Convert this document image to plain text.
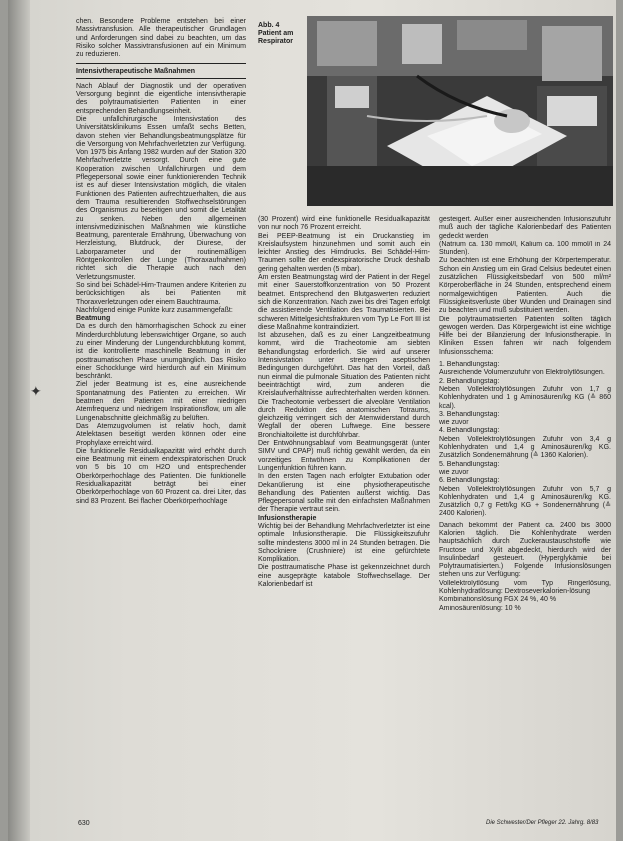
✦

chen. Besondere Probleme entstehen bei einer Massivtransfusion. Alle therapeutischer Grundlagen und Anforderungen sind dabei zu beachten, um das Risiko solcher Massivtransfusionen auf ein Minimum zu reduzieren.

Intensivtherapeutische Maßnahmen

Nach Ablauf der Diagnostik und der operativen Versorgung beginnt die eigentliche intensivtherapie des polytraumatisierten Patienten in einer entsprechenden Behandlungseinheit.

Die unfallchirurgische Intensivstation des Universitätsklinikums Essen umfaßt sechs Betten, davon stehen vier Behandlungsbeatmungsplätze für die Versorgung von Mehrfachverletzten zur Verfügung. Von 1975 bis Anfang 1982 wurden auf der Station 320 Mehrfachverletzte versorgt. Durch eine gute Kooperation zwischen Unfallchirurgen und dem Pflegepersonal sowie einer funktionierenden Technik ist es auf dieser Intensivstation möglich, die vitalen Funktionen des Patienten aufrechtzuerhalten, die aus dem Trauma resultierenden Stoffwechselstörungen des Organismus zu beseitigen und somit die Letalität zu senken. Neben den allgemeinen intensivmedizinischen Maßnahmen wie künstliche Beatmung, parenterale Ernährung, Überwachung von Herzleistung, Blutdruck, der Diurese, der Laborparameter und der routinemäßigen Röntgenkontrollen der Lunge (Thoraxaufnahmen) richtet sich die Therapie auch nach den Verletzungsmuster.

So sind bei Schädel-Hirn-Traumen andere Kriterien zu berücksichtigen als bei Patienten mit Thoraxverletzungen oder einem Bauchtrauma.

Nachfolgend einige Punkte kurz zusammengefaßt:

Beatmung

Da es durch den hämorrhagischen Schock zu einer Minderdurchblutung lebenswichtiger Organe, so auch zu einer Minderung der Lungendurchblutung kommt, ist die kontrollierte maschinelle Beatmung in der posttraumatischen Phase unumgänglich. Das Risiko einer Schocklunge wird hierdurch auf ein Minimum beschränkt.

Ziel jeder Beatmung ist es, eine ausreichende Spontanatmung des Patienten zu erreichen. Wir beatmen den Patienten mit einer niedrigen Atemfrequenz und niedrigem Inspirationsflow, um alle Lungenabschnitte gleichmäßig zu belüften.

Das Atemzugvolumen ist relativ hoch, damit Atelektasen beseitigt werden können oder eine Prophylaxe erreicht wird.

Die funktionelle Residualkapazität wird erhöht durch eine Beatmung mit einem endexspiratorischen Druck von 5 bis 10 cm H2O und entsprechender Oberkörperhochlage des Patienten. Die funktionelle Residualkapazität beträgt bei einer Oberkörperhochlage von 60 Prozent ca. drei Liter, das sind 83 Prozent. Bei flacher Oberkörperhochlage

Abb. 4 Patient am Respirator

(30 Prozent) wird eine funktionelle Residualkapazität von nur noch 76 Prozent erreicht.

Bei PEEP-Beatmung ist ein Druckanstieg im Kreislaufsystem hinzunehmen und somit auch ein leichter Anstieg des Hirndrucks. Bei Schädel-Hirn-Traumen sollte der endexspiratorische Druck deshalb gering gehalten werden (5 mbar).

Am ersten Beatmungstag wird der Patient in der Regel mit einer Sauerstoffkonzentration von 50 Prozent beatmet. Entsprechend den Blutgaswerten reduziert sich die Konzentration. Nach zwei bis drei Tagen erfolgt die assistierende Ventilation des Traumatisierten. Bei schweren Mittelgesichtsfrakturen vom Typ Le Fort III ist diese Maßnahme kontraindiziert.

Ist abzusehen, daß es zu einer Langzeitbeatmung kommt, wird die Tracheotomie am siebten Behandlungstag erforderlich. Sie wird auf unserer Intensivstation unter strengen aseptischen Bedingungen durchgeführt. Das hat den Vorteil, daß nun einmal die pulmonale Situation des Patienten nicht beeinträchtigt wird, zum anderen die Kreislaufverhältnisse aufrechterhalten werden können. Die Tracheotomie verbessert die alveoläre Ventilation durch Reduktion des anatomischen Totraums, gleichzeitig verringert sich der Atemwiderstand durch Wegfall der oberen Luftwege. Eine bessere Bronchialtoilette ist durchführbar.

Der Entwöhnungsablauf vom Beatmungsgerät (unter SIMV und CPAP) muß richtig gewählt werden, da ein vorzeitiges Entwöhnen zu Komplikationen der Lungenfunktion führen kann.

In den ersten Tagen nach erfolgter Extubation oder Dekanülierung ist eine physiotherapeutische Behandlung des Patienten außerst wichtig. Das Pflegepersonal sollte mit den einfachsten Maßnahmen der Therapie vertraut sein.

Infusionstherapie

Wichtig bei der Behandlung Mehrfachverletzter ist eine optimale Infusionstherapie. Die Flüssigkeitszufuhr sollte mindestens 3000 ml in 24 Stunden betragen. Die Schockniere (Crushniere) ist eine gefürchtete Komplikation.

Die posttraumatische Phase ist gekennzeichnet durch eine ausgeprägte katabole Stoffwechsellage. Der Kalorienbedarf ist

gesteigert. Außer einer ausreichenden Infusionszufuhr muß auch der tägliche Kalorienbedarf des Patienten gedeckt werden

(Natrium ca. 130 mmol/l, Kalium ca. 100 mmol/l in 24 Stunden).

Zu beachten ist eine Erhöhung der Körpertemperatur. Schon ein Anstieg um ein Grad Celsius bedeutet einen zusätzlichen Flüssigkeitsbedarf von 500 ml/m² Körperoberfläche in 24 Stunden, entsprechend einem normalgewichtigen Patienten. Auch die Flüssigkeitsverluste über Wunden und Drainagen sind zu beachten und muß substituiert werden.

Die polytraumatisierten Patienten sollten täglich gewogen werden. Das Körpergewicht ist eine wichtige Hilfe bei der Bilanzierung der Infusionstherapie. In Kliniken Essen fahren wir nach folgendem Infusionsschema:

1. Behandlungstag:

Ausreichende Volumenzufuhr von Elektrolytlösungen.

2. Behandlungstag:

Neben Vollelektrolytlösungen Zufuhr von 1,7 g Kohlenhydraten und 1 g Aminosäuren/kg KG (≙ 860 kcal).

3. Behandlungstag:

wie zuvor

4. Behandlungstag:

Neben Vollelektrolytlösungen Zufuhr von 3,4 g Kohlenhydraten und 1,4 g Aminosäuren/kg KG. Zusätzlich Sondenernährung (≙ 1360 Kalorien).

5. Behandlungstag:

wie zuvor

6. Behandlungstag:

Neben Vollelektrolytlösungen Zufuhr von 5,7 g Kohlenhydraten und 1,4 g Aminosäuren/kg KG. Zusätzlich 0,7 g Fett/kg KG + Sondenernährung (≙ 2400 Kalorien).

Danach bekommt der Patient ca. 2400 bis 3000 Kalorien täglich. Die Kohlenhydrate werden hauptsächlich durch Zuckeraustauschstoffe wie Fructose und Xylit abgedeckt, hierdurch wird der Insulinbedarf gesteuert. (Hyperglykämie bei Polytraumatisierten.) Folgende Infusionslösungen stehen uns zur Verfügung:

Vollelektrolytlösung vom Typ Ringerlösung, Kohlenhydratlösung: Dextroseverkalorien-lösung

Kombinationslösung FGX 24 %, 40 %

Aminosäurenlösung: 10 %

630	Die Schwester/Der Pfleger 22. Jahrg. 8/83
